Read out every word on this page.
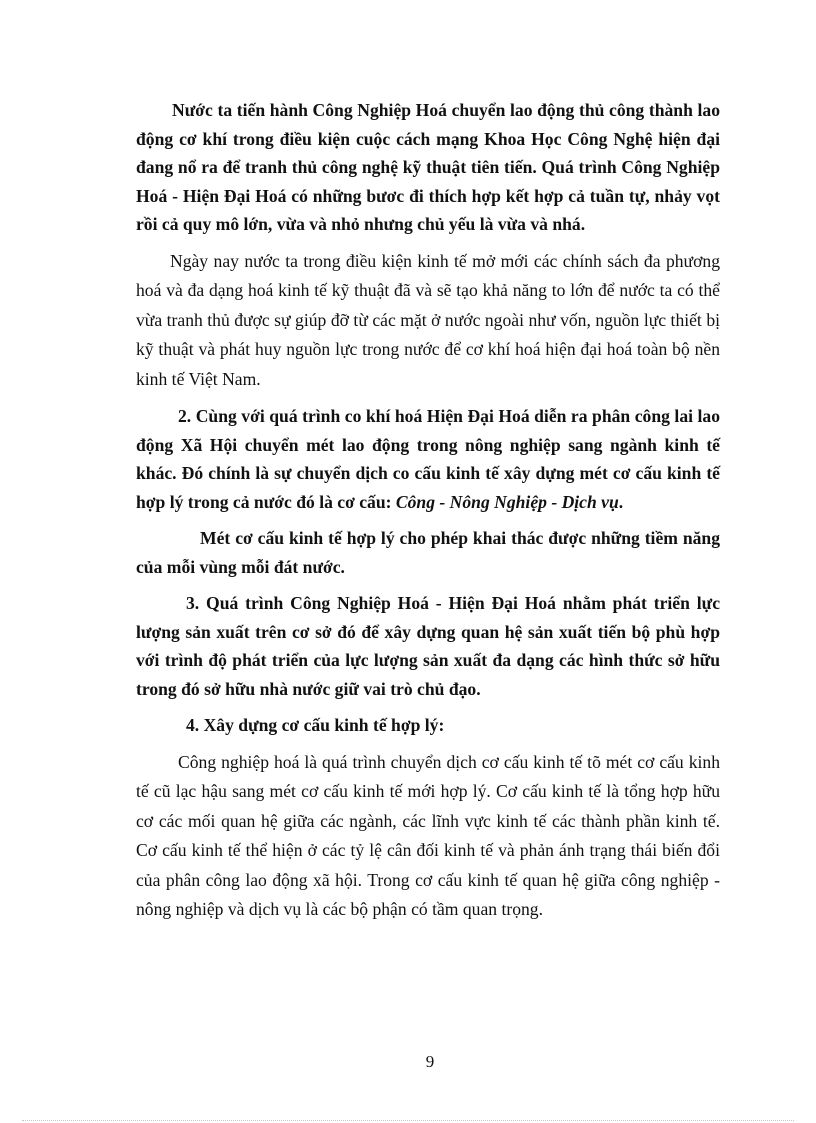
Nước ta tiến hành Công Nghiệp Hoá chuyển lao động thủ công thành lao động cơ khí trong điều kiện cuộc cách mạng Khoa Học Công Nghệ hiện đại đang nổ ra để tranh thủ công nghệ kỹ thuật tiên tiến. Quá trình Công Nghiệp Hoá - Hiện Đại Hoá có những bươc đi thích hợp kết hợp cả tuần tự, nhảy vọt rồi cả quy mô lớn, vừa và nhỏ nhưng chủ yếu là vừa và nhá.

Ngày nay nước ta trong điều kiện kinh tế mở mới các chính sách đa phương hoá và đa dạng hoá kinh tế kỹ thuật đã và sẽ tạo khả năng to lớn để nước ta có thể vừa tranh thủ được sự giúp đỡ từ các mặt ở nước ngoài như vốn, nguồn lực thiết bị kỹ thuật và phát huy nguồn lực trong nước để cơ khí hoá hiện đại hoá toàn bộ nền kinh tế Việt Nam.

2. Cùng với quá trình co khí hoá Hiện Đại Hoá diễn ra phân công lai lao động Xã Hội chuyển mét lao động trong nông nghiệp sang ngành kinh tế khác. Đó chính là sự chuyển dịch co cấu kinh tế xây dựng mét cơ cấu kinh tế hợp lý trong cả nước đó là cơ cấu: Công - Nông Nghiệp - Dịch vụ.

Mét cơ cấu kinh tế hợp lý cho phép khai thác được những tiềm năng của mỗi vùng mỗi đát nước.

3. Quá trình Công Nghiệp Hoá - Hiện Đại Hoá nhằm phát triển lực lượng sản xuất trên cơ sở đó để xây dựng quan hệ sản xuất tiến bộ phù hợp với trình độ phát triển của lực lượng sản xuất đa dạng các hình thức sở hữu trong đó sở hữu nhà nước giữ vai trò chủ đạo.

4. Xây dựng cơ cấu kinh tế hợp lý:

Công nghiệp hoá là quá trình chuyển dịch cơ cấu kinh tế tõ mét cơ cấu kinh tế cũ lạc hậu sang mét cơ cấu kinh tế mới hợp lý. Cơ cấu kinh tế là tổng hợp hữu cơ các mối quan hệ giữa các ngành, các lĩnh vực kinh tế các thành phần kinh tế. Cơ cấu kinh tế thể hiện ở các tỷ lệ cân đối kinh tế và phản ánh trạng thái biến đổi của phân công lao động xã hội. Trong cơ cấu kinh tế quan hệ giữa công nghiệp - nông nghiệp và dịch vụ là các bộ phận có tầm quan trọng.

9
